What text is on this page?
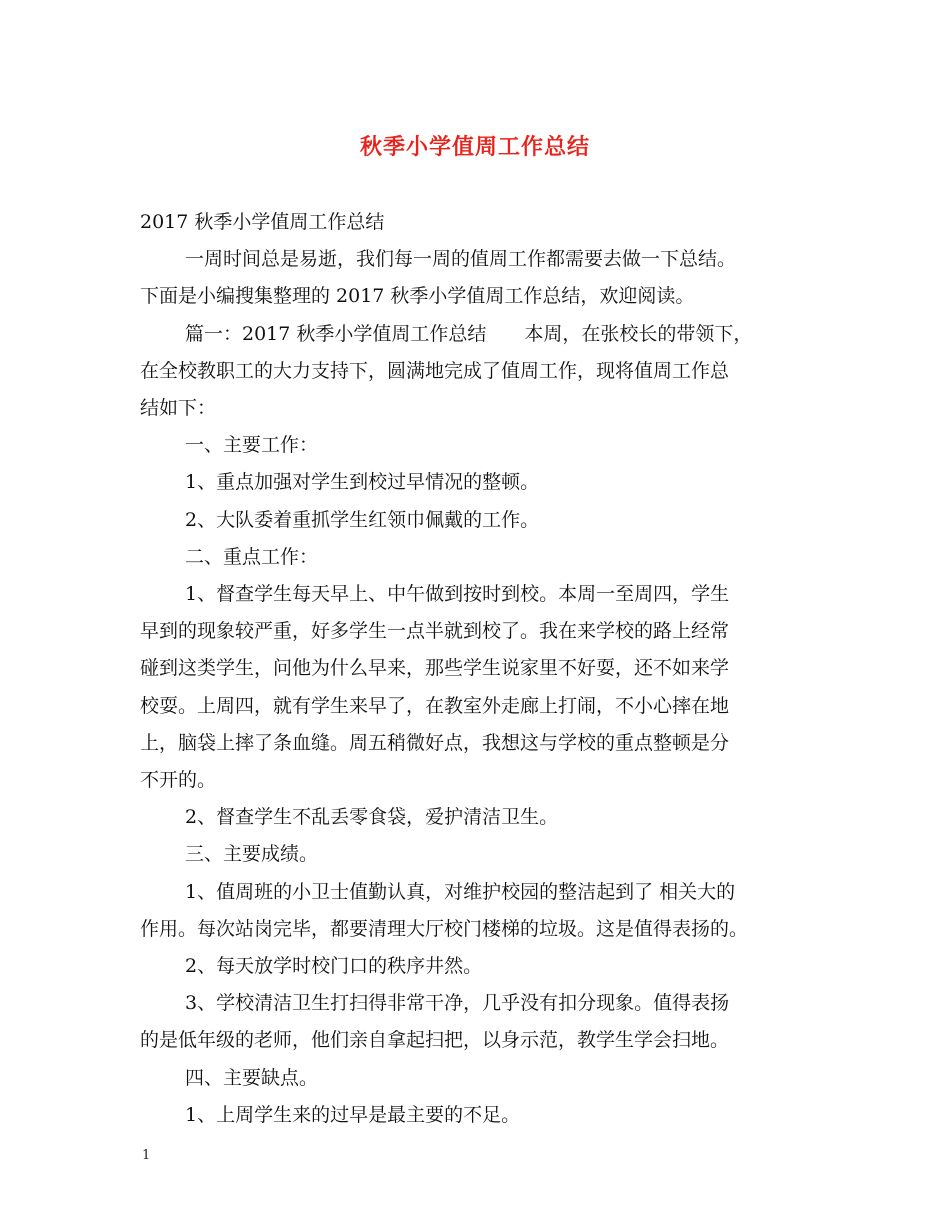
秋季小学值周工作总结

2017 秋季小学值周工作总结

一周时间总是易逝，我们每一周的值周工作都需要去做一下总结。

下面是小编搜集整理的 2017 秋季小学值周工作总结，欢迎阅读。

篇一：2017 秋季小学值周工作总结　　本周，在张校长的带领下，

在全校教职工的大力支持下，圆满地完成了值周工作，现将值周工作总

结如下：

一、主要工作：

1、重点加强对学生到校过早情况的整顿。

2、大队委着重抓学生红领巾佩戴的工作。

二、重点工作：

1、督查学生每天早上、中午做到按时到校。本周一至周四，学生

早到的现象较严重，好多学生一点半就到校了。我在来学校的路上经常

碰到这类学生，问他为什么早来，那些学生说家里不好耍，还不如来学

校耍。上周四，就有学生来早了，在教室外走廊上打闹，不小心摔在地

上，脑袋上摔了条血缝。周五稍微好点，我想这与学校的重点整顿是分

不开的。

2、督查学生不乱丢零食袋，爱护清洁卫生。

三、主要成绩。

1、值周班的小卫士值勤认真，对维护校园的整洁起到了 相关大的

作用。每次站岗完毕，都要清理大厅校门楼梯的垃圾。这是值得表扬的。

2、每天放学时校门口的秩序井然。

3、学校清洁卫生打扫得非常干净，几乎没有扣分现象。值得表扬

的是低年级的老师，他们亲自拿起扫把，以身示范，教学生学会扫地。

四、主要缺点。

1、上周学生来的过早是最主要的不足。

1
